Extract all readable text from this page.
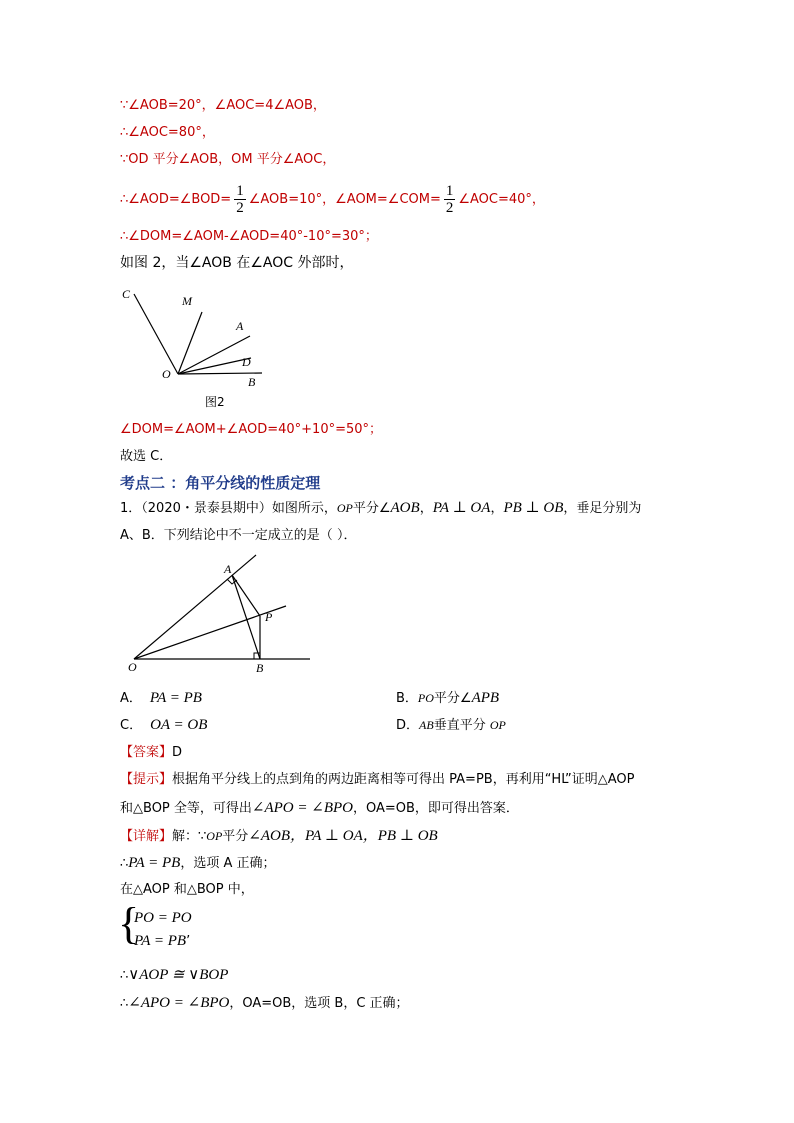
∵∠AOB=20°，∠AOC=4∠AOB，
∴∠AOC=80°，
∵OD 平分∠AOB，OM 平分∠AOC，
∴∠AOD=∠BOD= $\frac{1}{2}$ ∠AOB=10°，∠AOM=∠COM= $\frac{1}{2}$ ∠AOC=40°，
∴∠DOM=∠AOM-∠AOD=40°-10°=30°；
如图 2，当∠AOB 在∠AOC 外部时，
C	M
A
D
O
B
图2
∠DOM=∠AOM+∠AOD=40°+10°=50°；
故选 C．
考点二 ：角平分线的性质定理
1．（2020・景泰县期中）如图所示，OP平分∠AOB，PA ⊥ OA，PB ⊥ OB，垂足分别为
A、B．下列结论中不一定成立的是（ ）．
A
P
O	B
A． PA = PB	B．PO平分∠APB
C． OA = OB	D．AB垂直平分 OP
【答案】D
【提示】根据角平分线上的点到角的两边距离相等可得出 PA=PB，再利用“HL”证明△AOP
和△BOP 全等，可得出∠APO = ∠BPO，OA=OB，即可得出答案．
【详解】解：∵OP平分∠AOB，PA ⊥ OA，PB ⊥ OB
∴PA = PB，选项 A 正确；
在△AOP 和△BOP 中，
{
PO = PO
PA = PB’
∴∨AOP ≅ ∨BOP
∴∠APO = ∠BPO，OA=OB，选项 B，C 正确；
